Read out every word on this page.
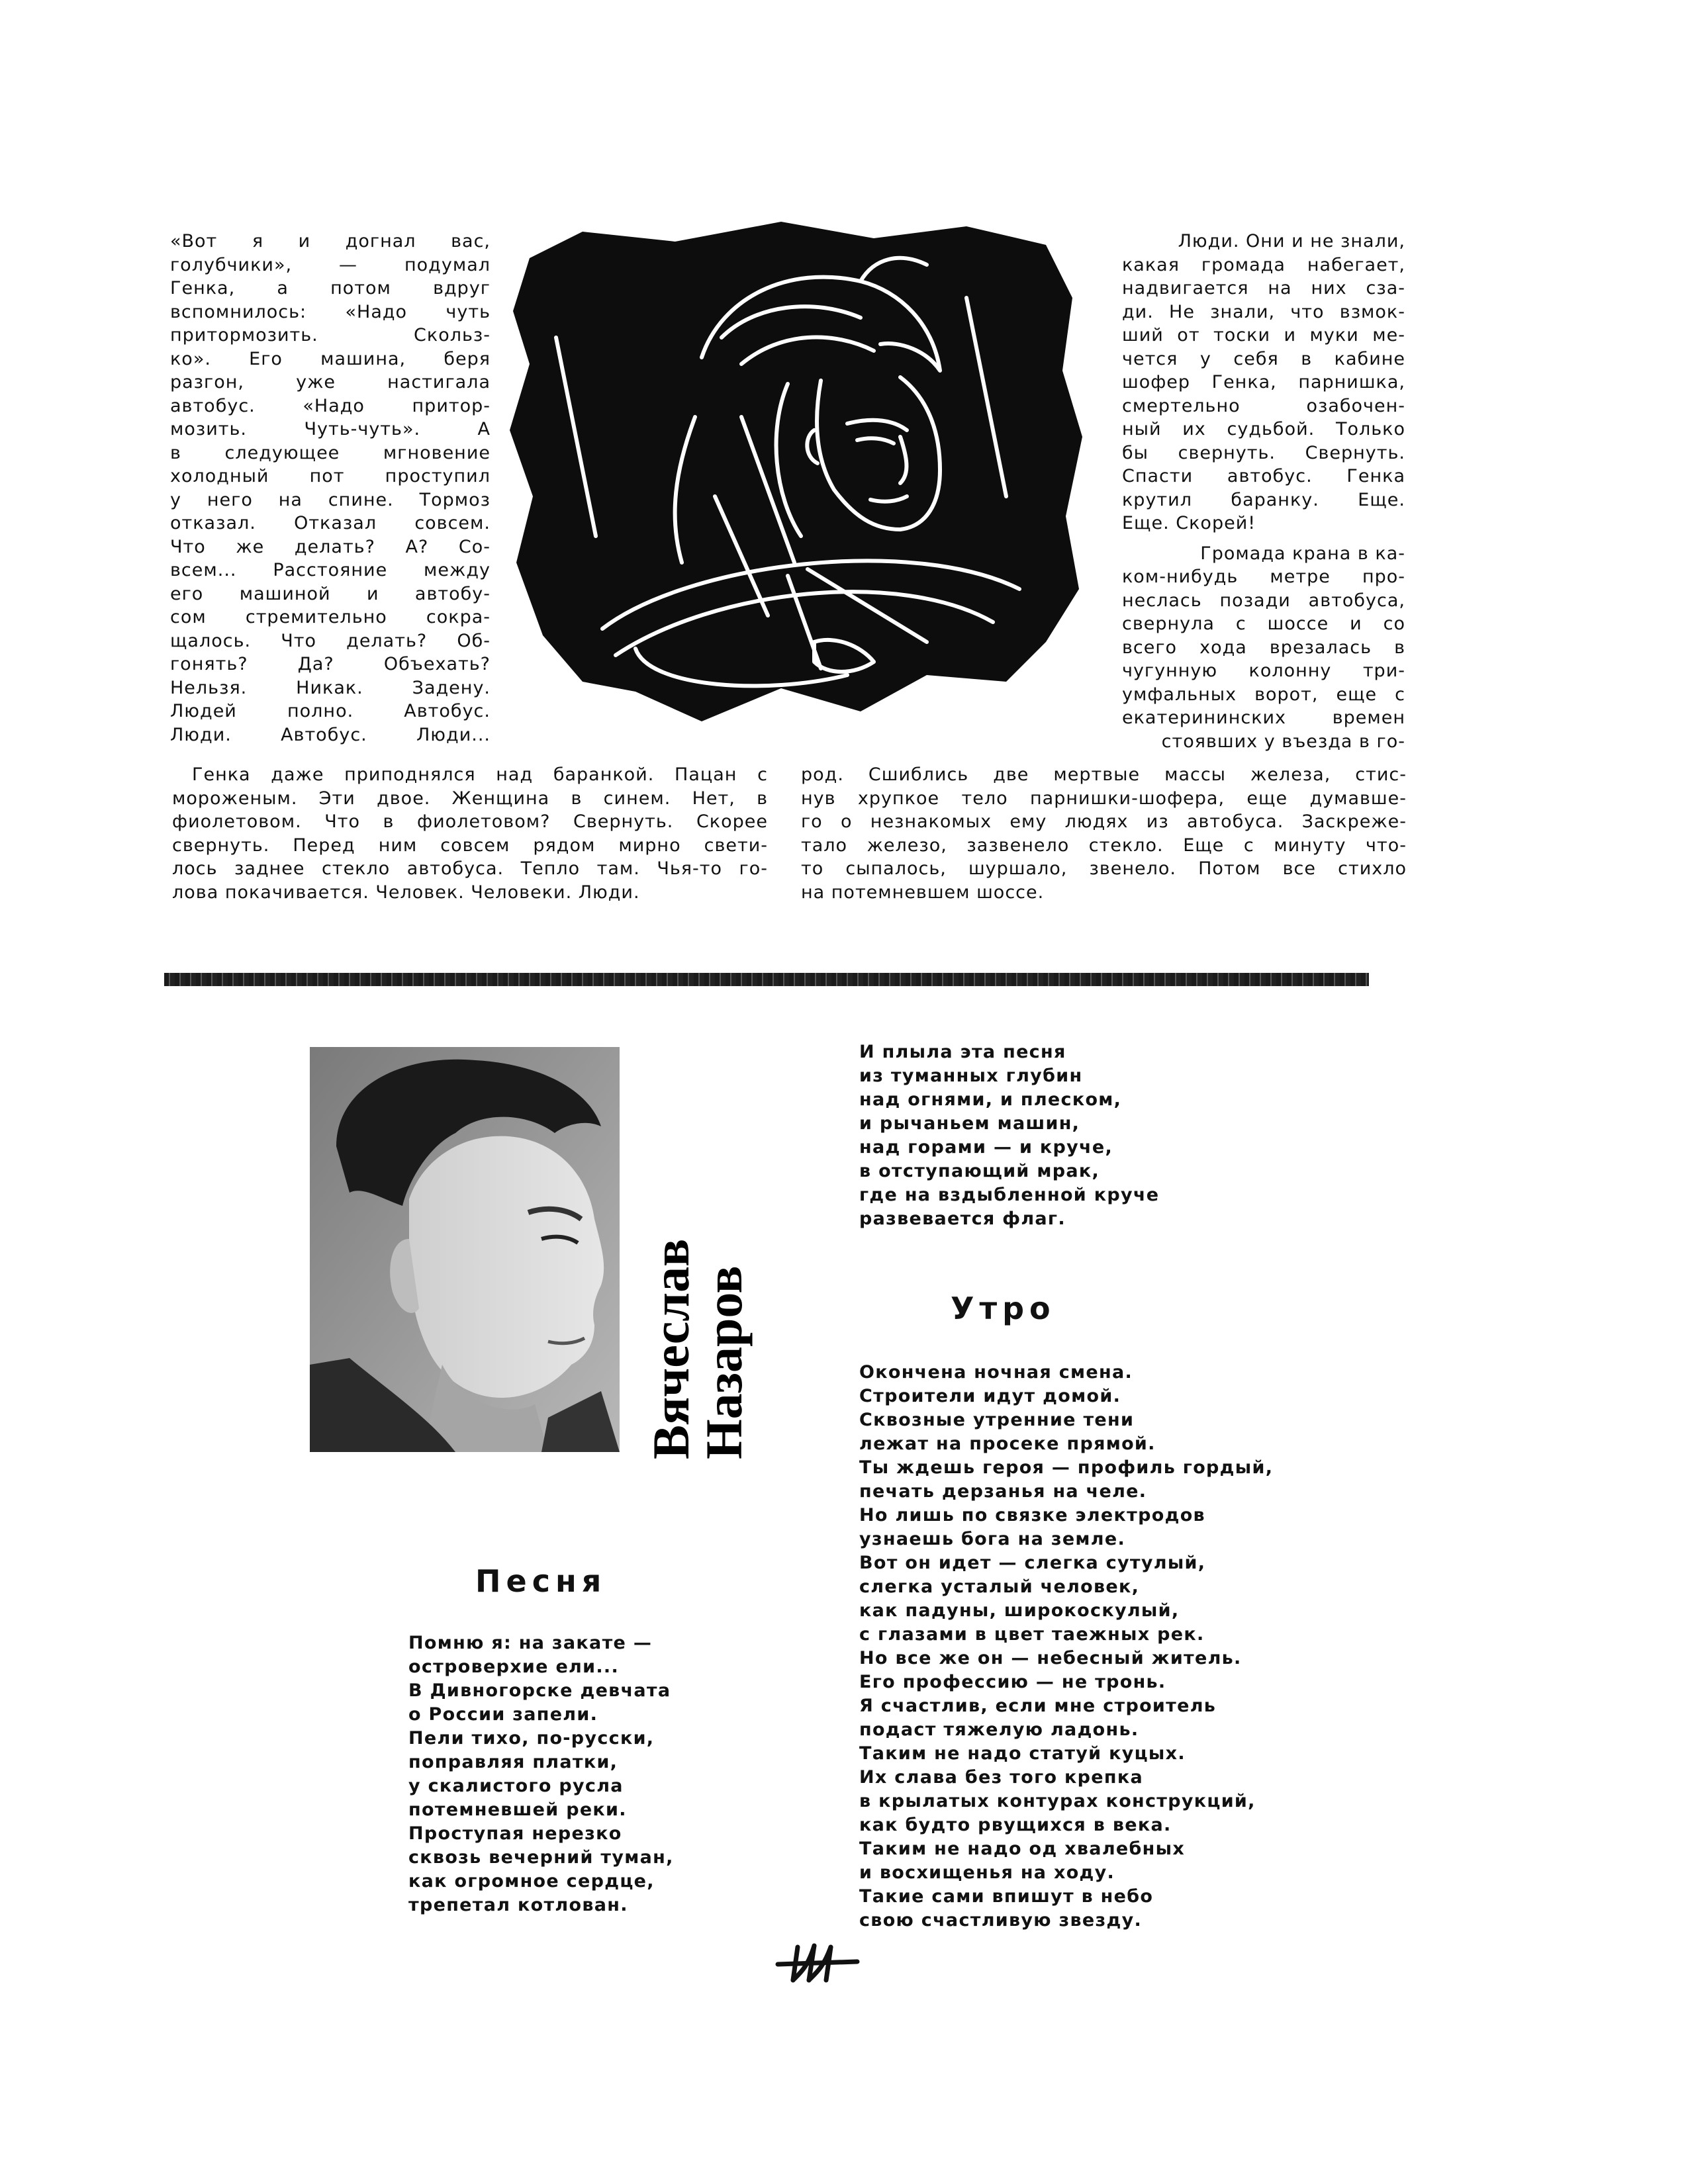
«Вот я и догнал вас,
голубчики», — подумал
Генка, а потом вдруг
вспомнилось: «Надо чуть
притормозить. Скольз-
ко». Его машина, беря
разгон, уже настигала
автобус. «Надо притор-
мозить. Чуть-чуть». А
в следующее мгновение
холодный пот проступил
у него на спине. Тормоз
отказал. Отказал совсем.
Что же делать? А? Со-
всем... Расстояние между
его машиной и автобу-
сом стремительно сокра-
щалось. Что делать? Об-
гонять? Да? Объехать?
Нельзя. Никак. Задену.
Людей полно. Автобус.
Люди. Автобус. Люди...
Люди. Они и не знали,
какая громада набегает,
надвигается на них сза-
ди. Не знали, что взмок-
ший от тоски и муки ме-
чется у себя в кабине
шофер Генка, парнишка,
смертельно озабочен-
ный их судьбой. Только
бы свернуть. Свернуть.
Спасти автобус. Генка
крутил баранку. Еще.
Еще. Скорей!
Громада крана в ка-
ком-нибудь метре про-
неслась позади автобуса,
свернула с шоссе и со
всего хода врезалась в
чугунную колонну три-
умфальных ворот, еще с
екатерининских времен
стоявших у въезда в го-
Генка даже приподнялся над баранкой. Пацан с
мороженым. Эти двое. Женщина в синем. Нет, в
фиолетовом. Что в фиолетовом? Свернуть. Скорее
свернуть. Перед ним совсем рядом мирно свети-
лось заднее стекло автобуса. Тепло там. Чья-то го-
лова покачивается. Человек. Человеки. Люди.
род. Сшиблись две мертвые массы железа, стис-
нув хрупкое тело парнишки-шофера, еще думавше-
го о незнакомых ему людях из автобуса. Заскреже-
тало железо, зазвенело стекло. Еще с минуту что-
то сыпалось, шуршало, звенело. Потом все стихло
на потемневшем шоссе.
Вячеслав
Назаров
И плыла эта песня
из туманных глубин
над огнями, и плеском,
и рычаньем машин,
над горами — и круче,
в отступающий мрак,
где на вздыбленной круче
развевается флаг.
Утро
Окончена ночная смена.
Строители идут домой.
Сквозные утренние тени
лежат на просеке прямой.
Ты ждешь героя — профиль гордый,
печать дерзанья на челе.
Но лишь по связке электродов
узнаешь бога на земле.
Вот он идет — слегка сутулый,
слегка усталый человек,
как падуны, широкоскулый,
с глазами в цвет таежных рек.
Но все же он — небесный житель.
Его профессию — не тронь.
Я счастлив, если мне строитель
подаст тяжелую ладонь.
Таким не надо статуй куцых.
Их слава без того крепка
в крылатых контурах конструкций,
как будто рвущихся в века.
Таким не надо од хвалебных
и восхищенья на ходу.
Такие сами впишут в небо
свою счастливую звезду.
Песня
Помню я: на закате —
островерхие ели...
В Дивногорске девчата
о России запели.
Пели тихо, по-русски,
поправляя платки,
у скалистого русла
потемневшей реки.
Проступая нерезко
сквозь вечерний туман,
как огромное сердце,
трепетал котлован.
